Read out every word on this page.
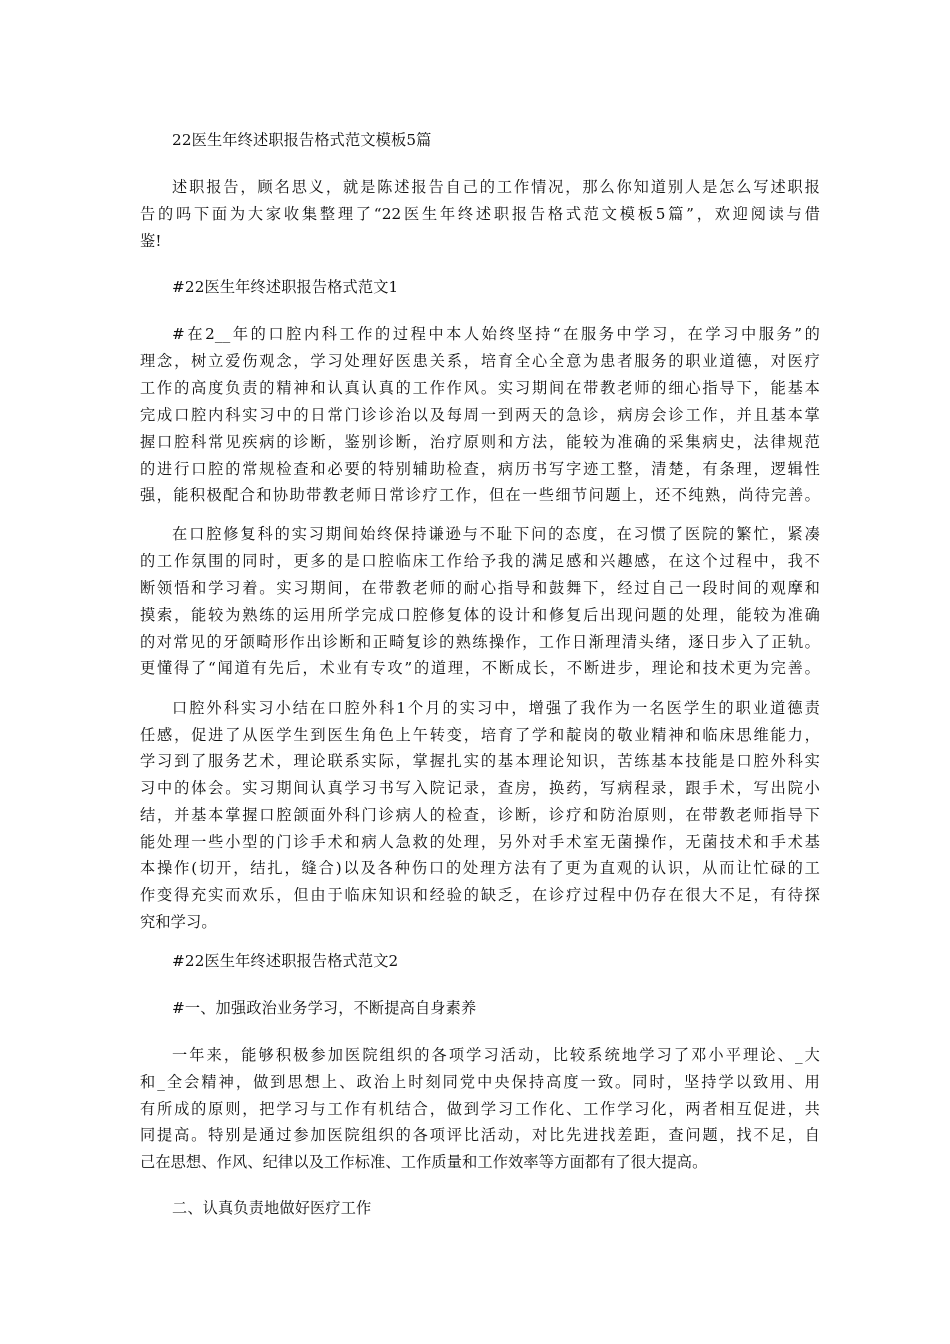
22医生年终述职报告格式范文模板5篇
述职报告，顾名思义，就是陈述报告自己的工作情况，那么你知道别人是怎么写述职报
告的吗下面为大家收集整理了“22医生年终述职报告格式范文模板5篇”，欢迎阅读与借
鉴!
#22医生年终述职报告格式范文1
#在2__年的口腔内科工作的过程中本人始终坚持“在服务中学习，在学习中服务”的
理念，树立爱伤观念，学习处理好医患关系，培育全心全意为患者服务的职业道德，对医疗
工作的高度负责的精神和认真认真的工作作风。实习期间在带教老师的细心指导下，能基本
完成口腔内科实习中的日常门诊诊治以及每周一到两天的急诊，病房会诊工作，并且基本掌
握口腔科常见疾病的诊断，鉴别诊断，治疗原则和方法，能较为准确的采集病史，法律规范
的进行口腔的常规检查和必要的特别辅助检查，病历书写字迹工整，清楚，有条理，逻辑性
强，能积极配合和协助带教老师日常诊疗工作，但在一些细节问题上，还不纯熟，尚待完善。
在口腔修复科的实习期间始终保持谦逊与不耻下问的态度，在习惯了医院的繁忙，紧凑
的工作氛围的同时，更多的是口腔临床工作给予我的满足感和兴趣感，在这个过程中，我不
断领悟和学习着。实习期间，在带教老师的耐心指导和鼓舞下，经过自己一段时间的观摩和
摸索，能较为熟练的运用所学完成口腔修复体的设计和修复后出现问题的处理，能较为准确
的对常见的牙颌畸形作出诊断和正畸复诊的熟练操作，工作日渐理清头绪，逐日步入了正轨。
更懂得了“闻道有先后，术业有专攻”的道理，不断成长，不断进步，理论和技术更为完善。
口腔外科实习小结在口腔外科1个月的实习中，增强了我作为一名医学生的职业道德责
任感，促进了从医学生到医生角色上午转变，培育了学和靛岗的敬业精神和临床思维能力，
学习到了服务艺术，理论联系实际，掌握扎实的基本理论知识，苦练基本技能是口腔外科实
习中的体会。实习期间认真学习书写入院记录，查房，换药，写病程录，跟手术，写出院小
结，并基本掌握口腔颌面外科门诊病人的检查，诊断，诊疗和防治原则，在带教老师指导下
能处理一些小型的门诊手术和病人急救的处理，另外对手术室无菌操作，无菌技术和手术基
本操作(切开，结扎，缝合)以及各种伤口的处理方法有了更为直观的认识，从而让忙碌的工
作变得充实而欢乐，但由于临床知识和经验的缺乏，在诊疗过程中仍存在很大不足，有待探
究和学习。
#22医生年终述职报告格式范文2
#一、加强政治业务学习，不断提高自身素养
一年来，能够积极参加医院组织的各项学习活动，比较系统地学习了邓小平理论、_大
和_全会精神，做到思想上、政治上时刻同党中央保持高度一致。同时，坚持学以致用、用
有所成的原则，把学习与工作有机结合，做到学习工作化、工作学习化，两者相互促进，共
同提高。特别是通过参加医院组织的各项评比活动，对比先进找差距，查问题，找不足，自
己在思想、作风、纪律以及工作标准、工作质量和工作效率等方面都有了很大提高。
二、认真负责地做好医疗工作
